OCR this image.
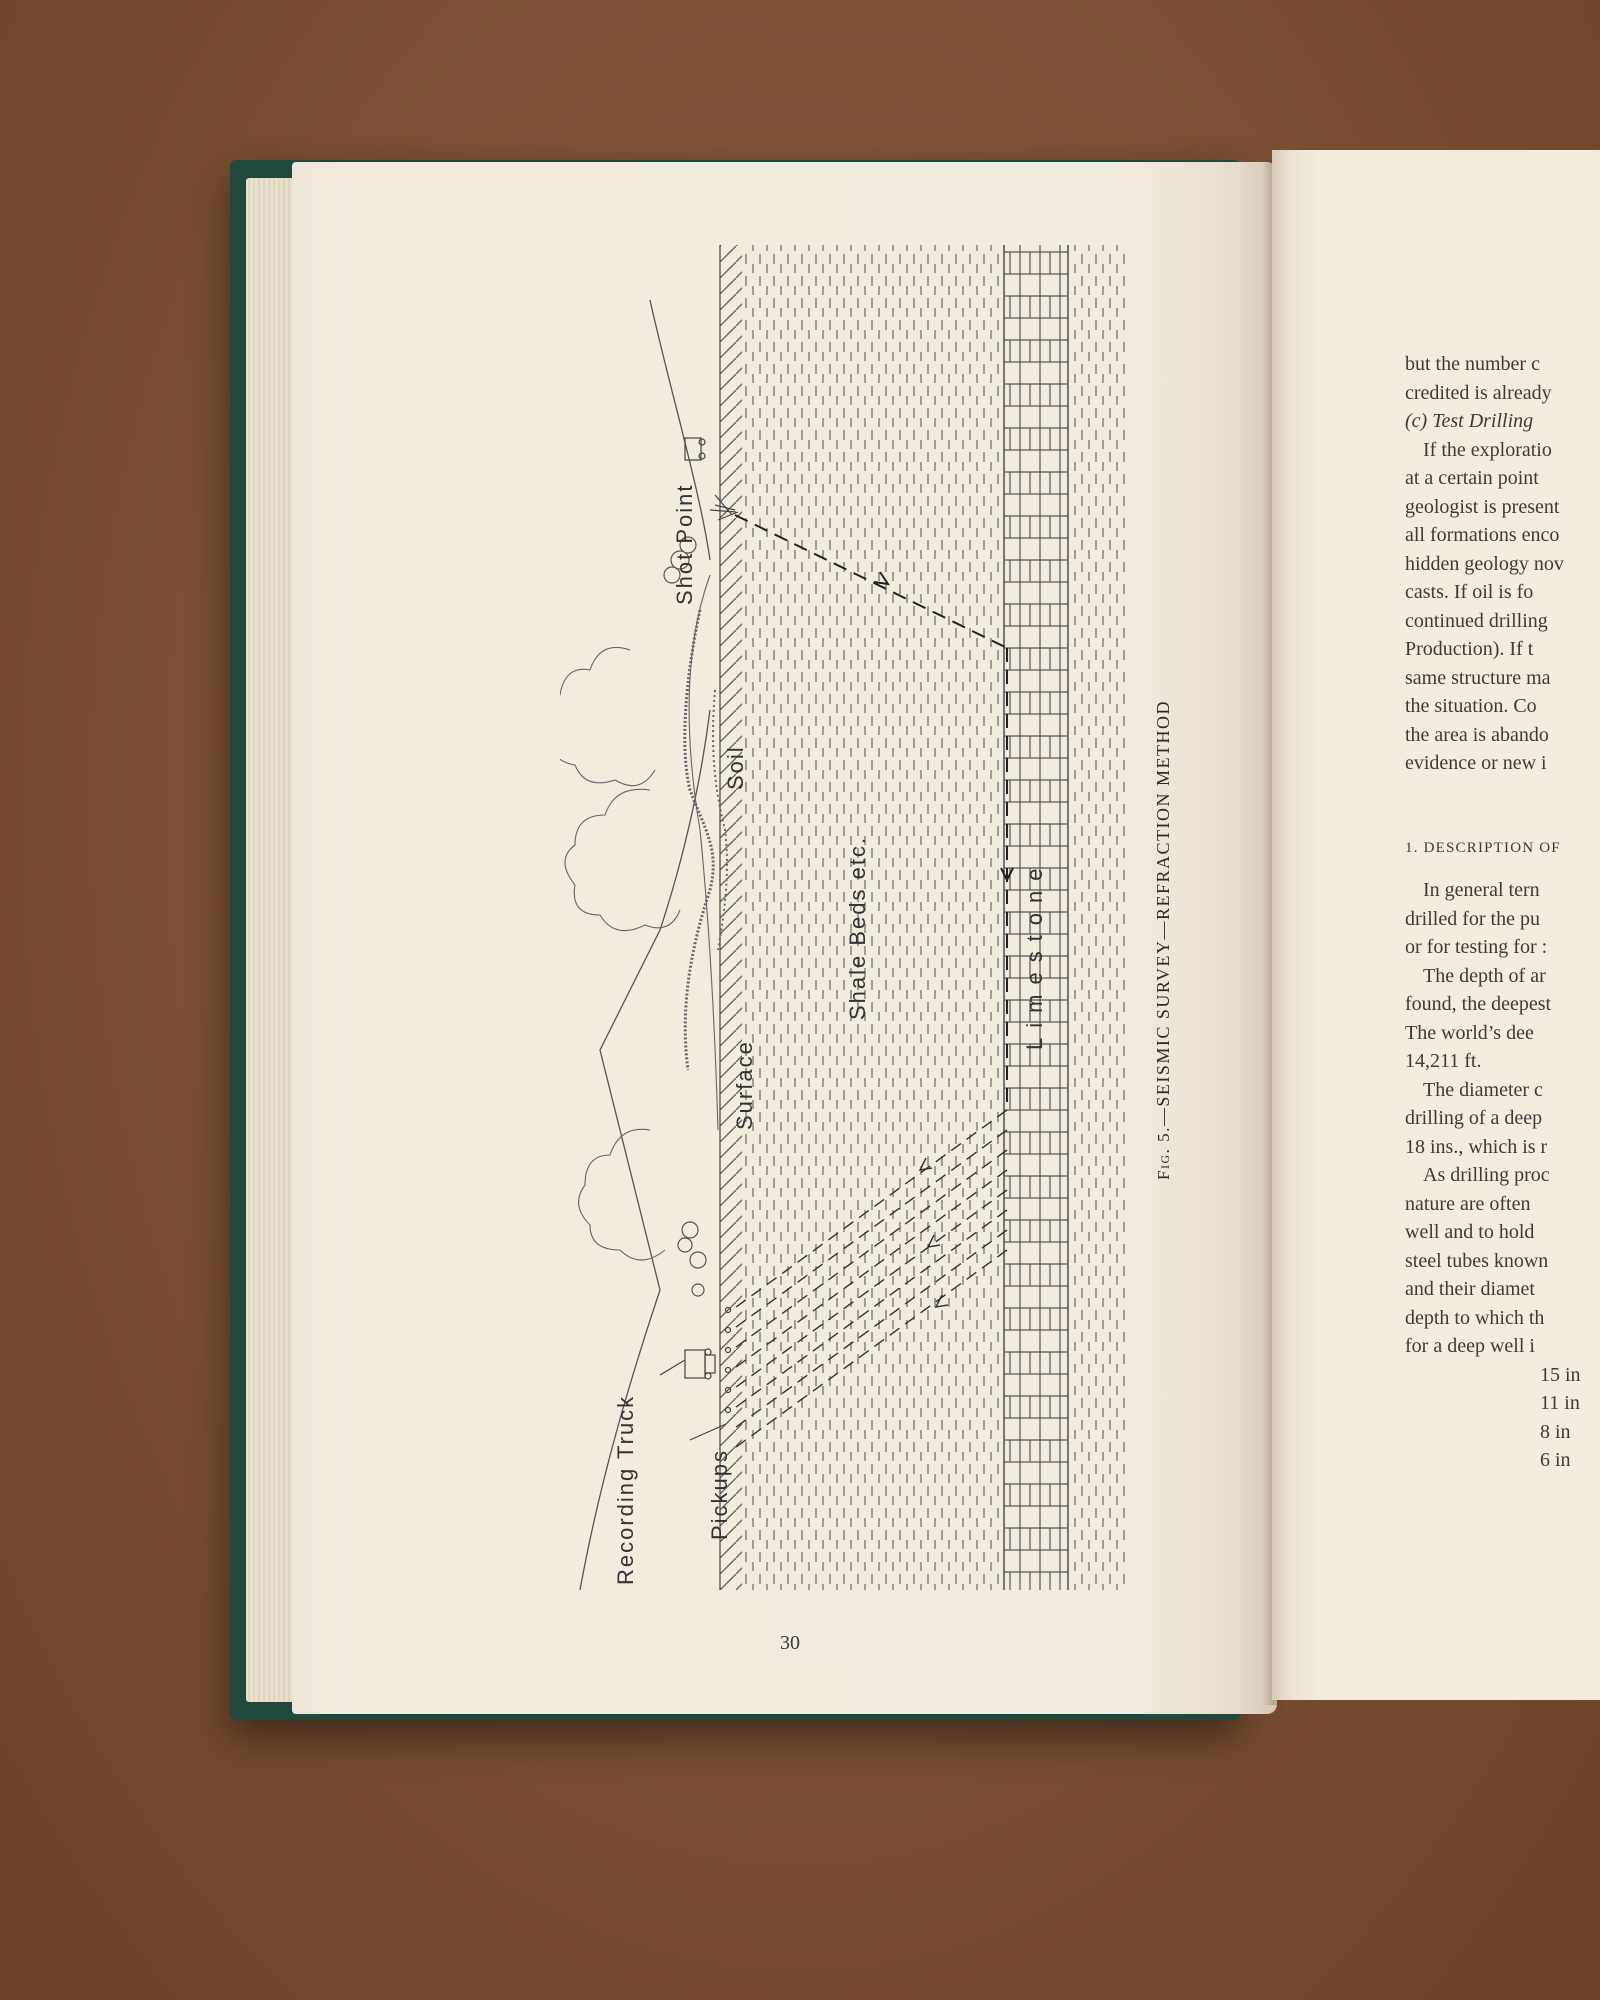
Shot Point
Soil
Shale Beds etc.	Limestone
Surface
Recording Truck	Pickups
Fig. 5.—SEISMIC SURVEY—REFRACTION METHOD
30
but the number c
credited is already
(c) Test Drilling
If the exploratio
at a certain point
geologist is present
all formations enco
hidden geology nov
casts. If oil is fo
continued drilling
Production). If t
same structure ma
the situation. Co
the area is abando
evidence or new i
1. DESCRIPTION OF
In general tern
drilled for the pu
or for testing for :
The depth of ar
found, the deepest
The world’s dee
14,211 ft.
The diameter c
drilling of a deep
18 ins., which is r
As drilling proc
nature are often
well and to hold
steel tubes known
and their diamet
depth to which th
for a deep well i
15 in
11 in
8 in
6 in
